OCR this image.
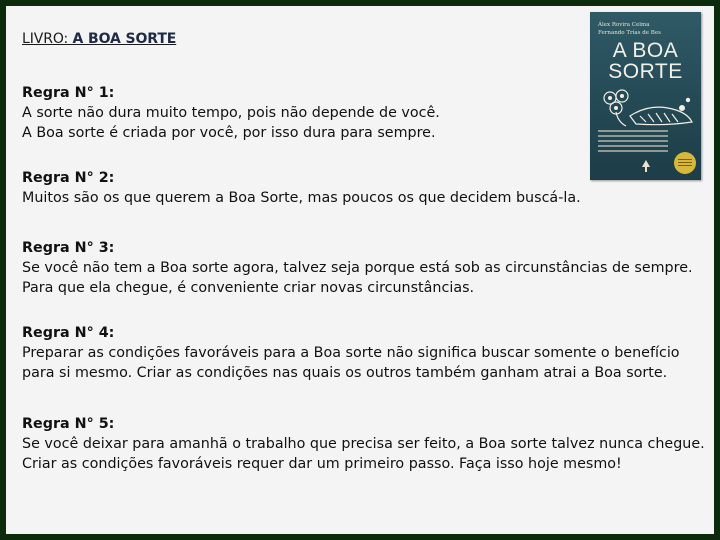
LIVRO: A BOA SORTE
Regra N° 1:
A sorte não dura muito tempo, pois não depende de você.
A Boa sorte é criada por você, por isso dura para sempre.
Regra N° 2:
Muitos são os que querem a Boa Sorte, mas poucos os que decidem buscá-la.
Regra N° 3:
Se você não tem a Boa sorte agora, talvez seja porque está sob as circunstâncias de sempre.
Para que ela chegue, é conveniente criar novas circunstâncias.
Regra N° 4:
Preparar as condições favoráveis para a Boa sorte não significa buscar somente o benefício
para si mesmo. Criar as condições nas quais os outros também ganham atrai a Boa sorte.
Regra N° 5:
Se você deixar para amanhã o trabalho que precisa ser feito, a Boa sorte talvez nunca chegue.
Criar as condições favoráveis requer dar um primeiro passo. Faça isso hoje mesmo!
Álex Rovira Celma
Fernando Trías de Bes
A BOA
SORTE
